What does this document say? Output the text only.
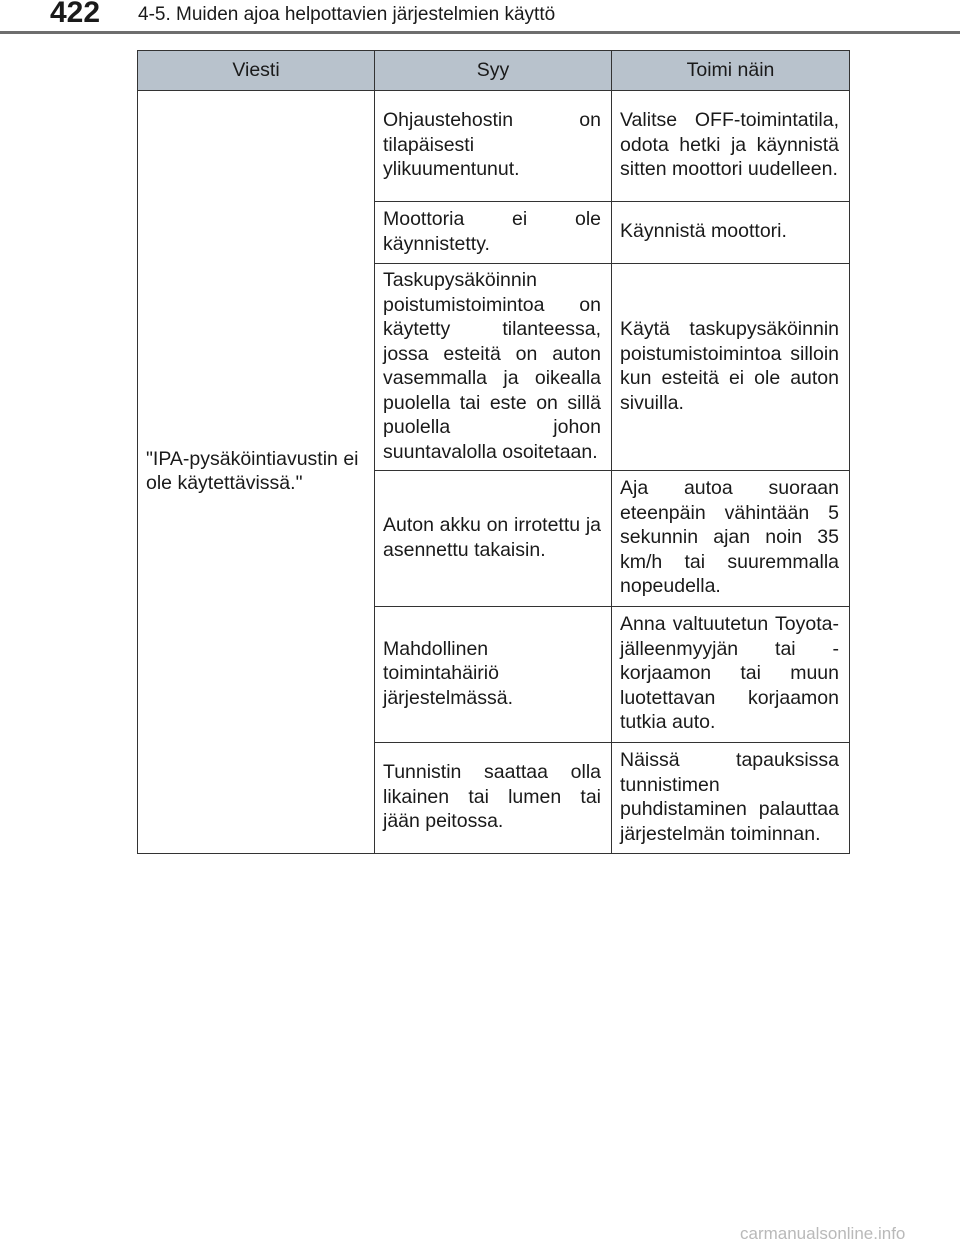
422 4-5. Muiden ajoa helpottavien järjestelmien käyttö
Viesti	Syy	Toimi näin
"IPA-pysäköintiavustin ei ole käytettävissä."	Ohjaustehostin on tilapäisesti ylikuumentunut.	Valitse OFF-toimintatila, odota hetki ja käynnistä sitten moottori uudelleen.
	Moottoria ei ole käynnistetty.	Käynnistä moottori.
	Taskupysäköinnin poistumistoimintoa on käytetty tilanteessa, jossa esteitä on auton vasemmalla ja oikealla puolella tai este on sillä puolella johon suuntavalolla osoitetaan.	Käytä taskupysäköinnin poistumistoimintoa silloin kun esteitä ei ole auton sivuilla.
	Auton akku on irrotettu ja asennettu takaisin.	Aja autoa suoraan eteenpäin vähintään 5 sekunnin ajan noin 35 km/h tai suuremmalla nopeudella.
	Mahdollinen toimintahäiriö järjestelmässä.	Anna valtuutetun Toyota-jälleenmyyjän tai -korjaamon tai muun luotettavan korjaamon tutkia auto.
	Tunnistin saattaa olla likainen tai lumen tai jään peitossa.	Näissä tapauksissa tunnistimen puhdistaminen palauttaa järjestelmän toiminnan.
carmanualsonline.info
